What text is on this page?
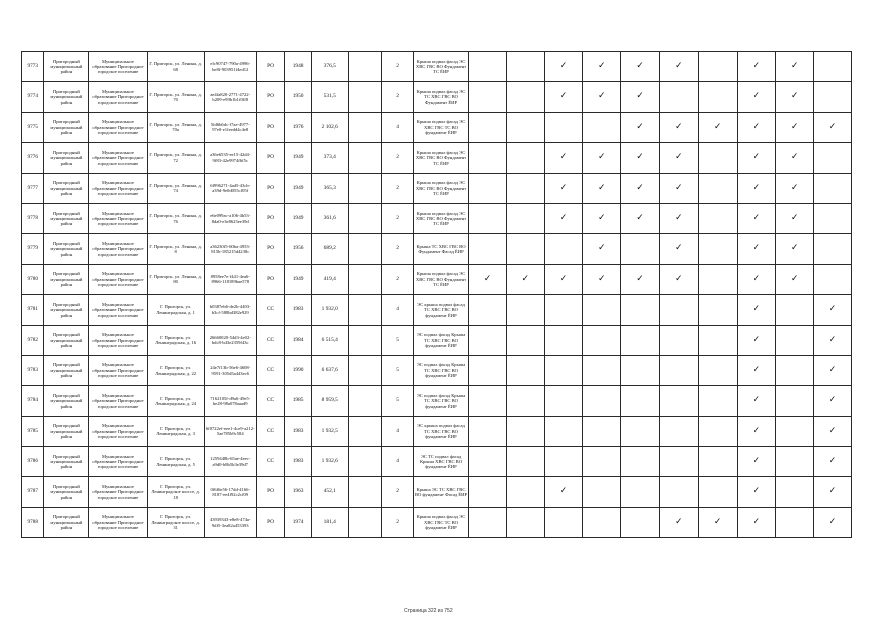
9773	Пригородный муниципальный район	Муниципальное образование Пригородное городское поселение	Г. Пригорск, ул. Ленина, д. 68	efc90747-790a-4996-be8f-903951f4ed12	РО	1948	376,5		2	Крыша подвал фасад ЭС ХВС ГВС ВО Фундамент ТС ЁИР			✓	✓	✓	✓		✓	✓	
9774	Пригородный муниципальный район	Муниципальное образование Пригородное городское поселение	Г. Пригорск, ул. Ленина, д. 70	ae4fa820-2771-4722-b209-e99b1b1f0ff8	РО	1950	531,5		2	Крыша подвал фасад ЭС ТС ХВС ГВС ВО Фундамент ЁИР			✓	✓	✓			✓	✓	
9775	Пригородный муниципальный район	Муниципальное образование Пригородное городское поселение	Г. Пригорск, ул. Ленина, д. 70а	5fd6b6dc-f7ae-4977-97e0-e1feedd4c4e8	РО	1976	2 102,6		4	Крыша подвал фасад ЭС ХВС ГВС ТС ВО фундамент ЁИР					✓	✓	✓	✓	✓	✓
9776	Пригородный муниципальный район	Муниципальное образование Пригородное городское поселение	Г. Пригорск, ул. Ленина, д. 72	a36e6535-ee15-42d4-9f83-42e9974f6f5c	РО	1949	373,4		2	Крыша подвал фасад ЭС ХВС ГВС ВО Фундамент ТС ЁИР			✓	✓	✓	✓		✓	✓	
9777	Пригородный муниципальный район	Муниципальное образование Пригородное городское поселение	Г. Пригорск, ул. Ленина, д. 74	6f996271-4ad5-43cb-a39d-9e0d055cf05f	РО	1949	365,3		2	Крыша подвал фасад ЭС ХВС ГВС ВО Фундамент ТС ЁИР			✓	✓	✓	✓		✓	✓	
9778	Пригородный муниципальный район	Муниципальное образование Пригородное городское поселение	Г. Пригорск, ул. Ленина, д. 76	e6e099ac-a106-4b53-8da0-e3e8625ee39d	РО	1949	361,6		2	Крыша подвал фасад ЭС ХВС ГВС ВО Фундамент ТС ЁИР			✓	✓	✓	✓		✓	✓	
9779	Пригородный муниципальный район	Муниципальное образование Пригородное городское поселение	Г. Пригорск, ул. Ленина, д. 8	a36230f5-60ba-4953-815b-185215d4238c	РО	1956	689,2		2	Крыша ТС ХВС ГВС ВО Фундамент Фасад ЁИР				✓		✓		✓	✓	
9780	Пригородный муниципальный район	Муниципальное образование Пригородное городское поселение	Г. Пригорск, ул. Ленина, д. 80	8958ee7e-f441-4ea6-8966-118189bae578	РО	1949	419,4		2	Крыша подвал фасад ЭС ХВС ГВС ВО Фундамент ТС ЁИР	✓	✓	✓	✓	✓	✓		✓	✓	
9781	Пригородный муниципальный район	Муниципальное образование Пригородное городское поселение	Г. Пригорск, ул. Ленинградская, д. 1	b0387eb6-de2b-4403-b3cf-588bd382e929	СС	1983	1 932,0		4	ЭС крыша подвал фасад ТС ХВС ГВС ВО фундамент ЁИР								✓		✓
9782	Пригородный муниципальный район	Муниципальное образование Пригородное городское поселение	Г. Пригорск, ул. Ленинградская, д. 16	26660020-54d3-4e02-bdc8-b43e2359f43c	СС	1984	6 515,4		5	ЭС подвал фасад Крыша ТС ХВС ГВС ВО фундамент ЁИР								✓		✓
9783	Пригородный муниципальный район	Муниципальное образование Пригородное городское поселение	Г. Пригорск, ул. Ленинградская, д. 22	24e7f13b-56e6-4608-9591-305d5a443ec6	СС	1990	6 637,6		5	ЭС подвал фасад Крыша ТС ХВС ГВС ВО фундамент ЁИР								✓		✓
9784	Пригородный муниципальный район	Муниципальное образование Пригородное городское поселение	Г. Пригорск, ул. Ленинградская, д. 24	7162105f-d9a6-49e5-be28-98a078aaad9	СС	1985	8 959,5		5	ЭС подвал фасад Крыша ТС ХВС ГВС ВО фундамент ЁИР								✓		✓
9785	Пригородный муниципальный район	Муниципальное образование Пригородное городское поселение	Г. Пригорск, ул. Ленинградская, д. 3	6f0722ef-eee1-4ce9-a212-5ae785b9c584	СС	1983	1 932,5		4	ЭС крыша подвал фасад ТС ХВС ГВС ВО фундамент ЁИР								✓		✓
9786	Пригородный муниципальный район	Муниципальное образование Пригородное городское поселение	Г. Пригорск, ул. Ленинградская, д. 5	1259448b-65ae-4eec-a9d0-b8b5b3e39d7	СС	1983	1 932,6		4	ЭС ТС подвал фасад Крыша ХВС ГВС ВО фундамент ЁИР								✓		✓
9787	Пригородный муниципальный район	Муниципальное образование Пригородное городское поселение	Г. Пригорск, ул. Ленинградское шоссе, д. 18	0f6f6e56-17dd-4166-8187-ee4f92c2cf09	РО	1963	452,1		2	Крыша ЭС ТС ХВС ГВС ВО фундамент Фасад ЁИР			✓					✓		✓
9788	Пригородный муниципальный район	Муниципальное образование Пригородное городское поселение	Г. Пригорск, ул. Ленинградское шоссе, д. 31	43939343-e8e8-474a-9df5-3ea82a453393	РО	1974	181,4		2	Крыша подвал фасад ЭС ХВС ГВС ТС ВО фундамент ЁИР						✓	✓	✓		✓
Страница 322 из 752
